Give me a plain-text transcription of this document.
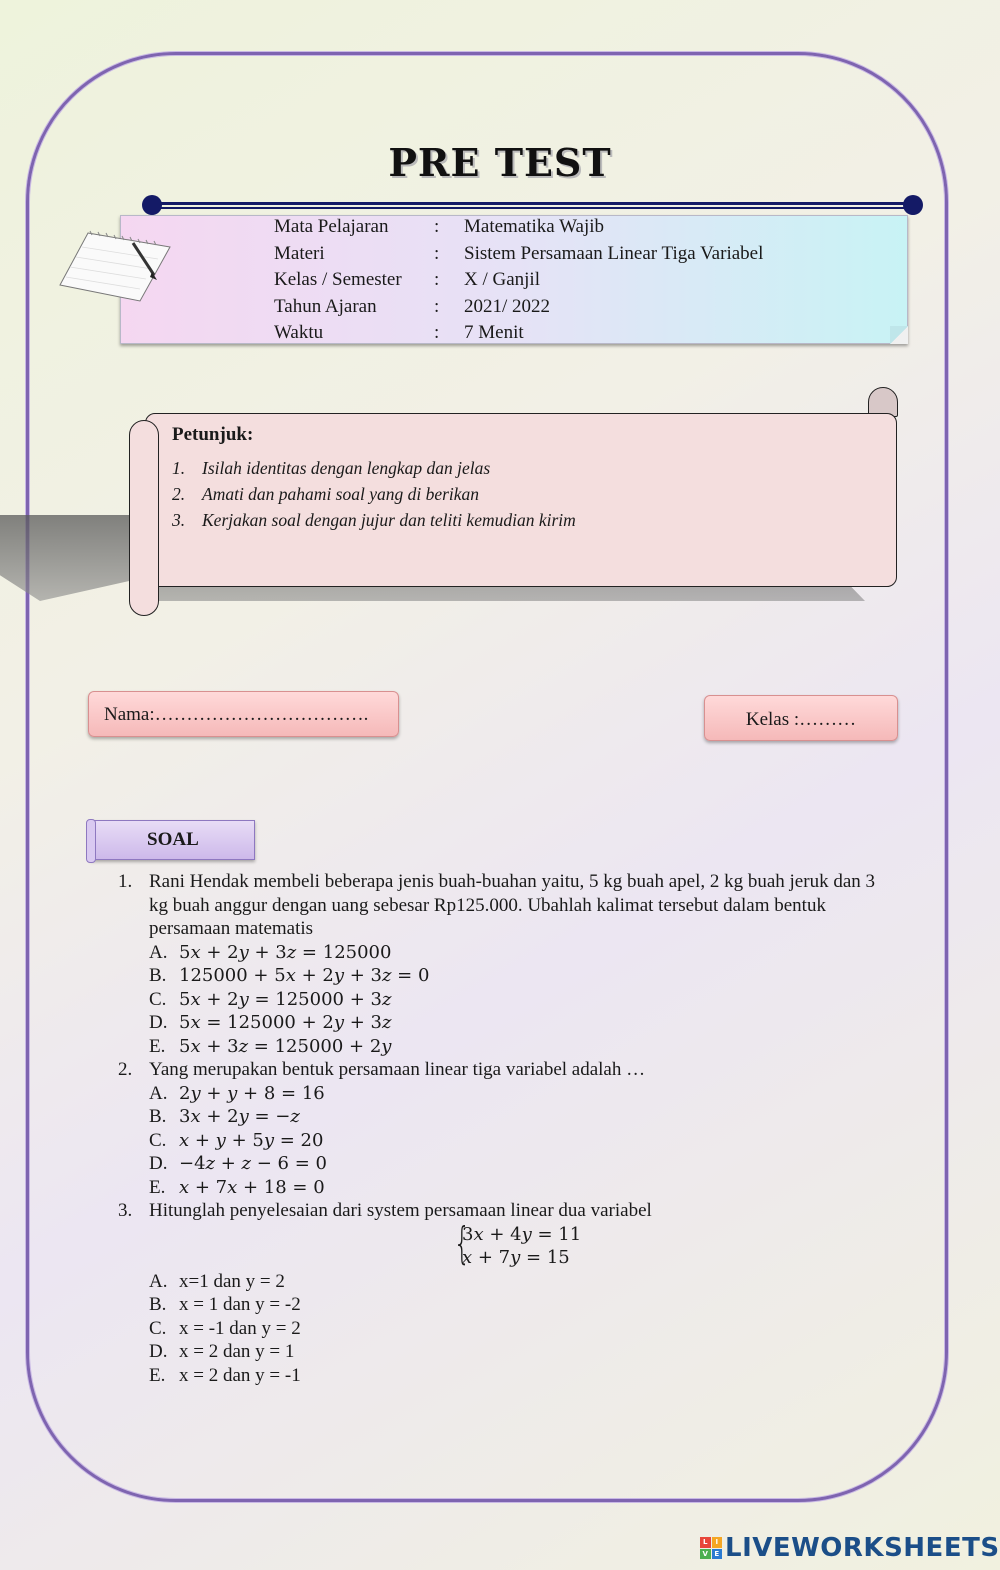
PRE TEST
Mata Pelajaran	:	Matematika Wajib
Materi	:	Sistem Persamaan Linear Tiga Variabel
Kelas / Semester	:	X / Ganjil
Tahun Ajaran	:	2021/ 2022
Waktu	:	7 Menit
Petunjuk:
1. Isilah identitas dengan lengkap dan jelas
2. Amati dan pahami soal yang di berikan
3. Kerjakan soal dengan jujur dan teliti kemudian kirim
Nama:…………………………….	Kelas :………
SOAL
1. Rani Hendak membeli beberapa jenis buah-buahan yaitu, 5 kg buah apel, 2 kg buah jeruk dan 3 kg buah anggur dengan uang sebesar Rp125.000. Ubahlah kalimat tersebut dalam bentuk persamaan matematis
A. 5𝑥 + 2𝑦 + 3𝑧 = 125000
B. 125000 + 5𝑥 + 2𝑦 + 3𝑧 = 0
C. 5𝑥 + 2𝑦 = 125000 + 3𝑧
D. 5𝑥 = 125000 + 2𝑦 + 3𝑧
E. 5𝑥 + 3𝑧 = 125000 + 2𝑦
2. Yang merupakan bentuk persamaan linear tiga variabel adalah …
A. 2𝑦 + 𝑦 + 8 = 16
B. 3𝑥 + 2𝑦 = −𝑧
C. 𝑥 + 𝑦 + 5𝑦 = 20
D. −4𝑧 + 𝑧 − 6 = 0
E. 𝑥 + 7𝑥 + 18 = 0
3. Hitunglah penyelesaian dari system persamaan linear dua variabel
{
3𝑥 + 4𝑦 = 11
𝑥 + 7𝑦 = 15
A. x=1 dan y = 2
B. x = 1 dan y = -2
C. x = -1 dan y = 2
D. x = 2 dan y = 1
E. x = 2 dan y = -1
L	I
V E LIVEWORKSHEETS
